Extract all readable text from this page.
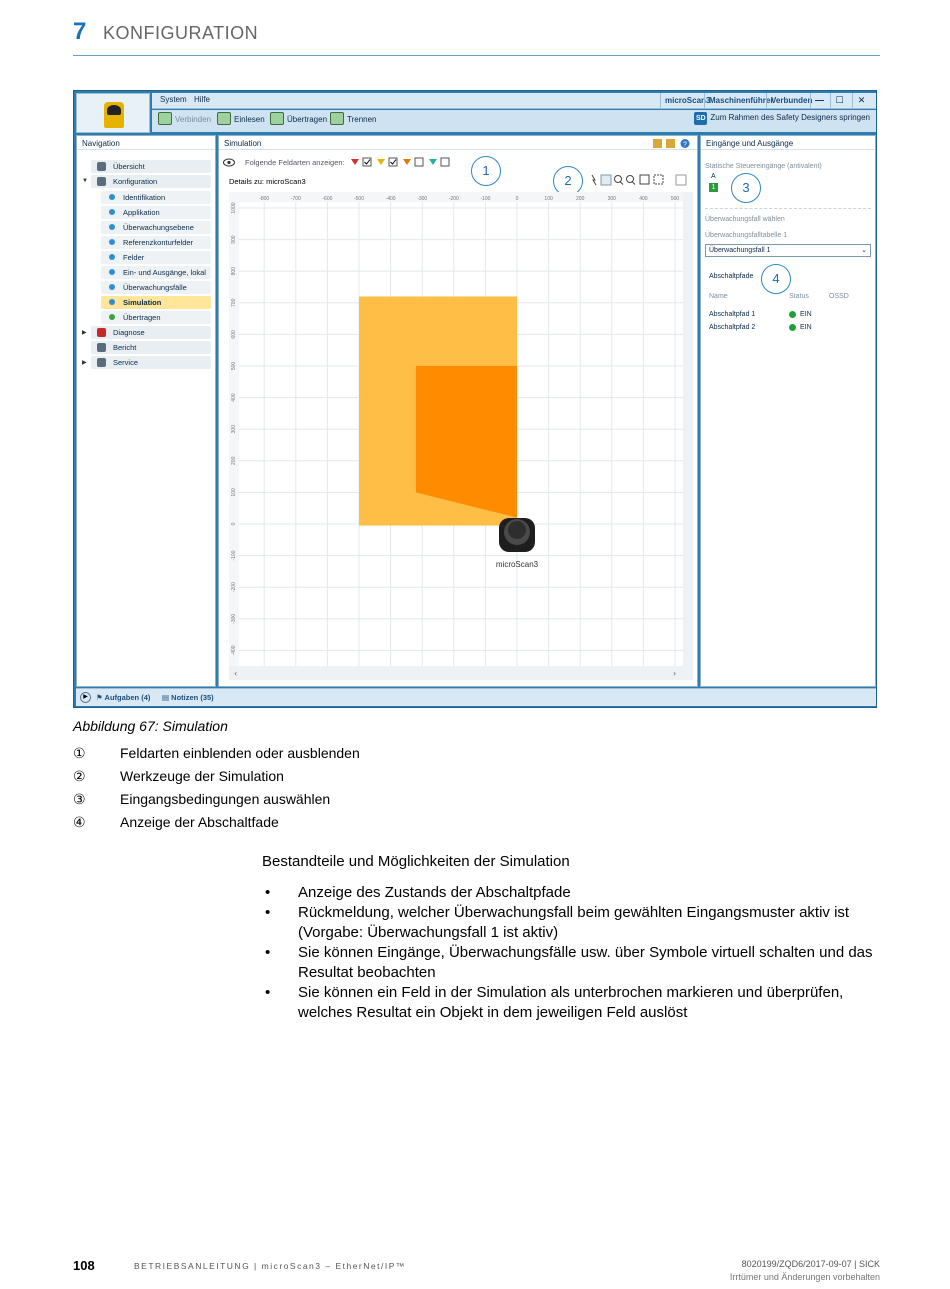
7 KONFIGURATION
System Hilfe	microScan3
Maschinenführer
Verbunden —	☐	✕
Verbinden	Einlesen	Übertragen	Trennen	SD Zum Rahmen des Safety Designers springen
Navigation
Übersicht
▼	Konfiguration
Identifikation
Applikation
Überwachungsebene
Referenzkonturfelder
Felder
Ein- und Ausgänge, lokal
Überwachungsfälle
Simulation
Übertragen
▶	Diagnose
Bericht
▶	Service
Simulation	?
Folgende Feldarten anzeigen:
1
Details zu: microScan3	2
-800	-700	-600	-500	-400	-300	-200	-100	0	100	200	300	400	500
1000
900
800
700
600
500
400
300
200
100
0
-100
-200
-300
-400
microScan3
‹	›
Eingänge und Ausgänge
Statische Steuereingänge (antivalent)
A
1	3
Überwachungsfall wählen
Überwachungsfalltabelle 1
Überwachungsfall 1	⌄
Abschaltpfade	4
Name	Status	OSSD
Abschaltpfad 1	EIN
Abschaltpfad 2	EIN
▶	⚑ Aufgaben (4) ▤ Notizen (35)
Abbildung 67: Simulation
① Feldarten einblenden oder ausblenden
② Werkzeuge der Simulation
③ Eingangsbedingungen auswählen
④ Anzeige der Abschaltfade
Bestandteile und Möglichkeiten der Simulation
• Anzeige des Zustands der Abschaltpfade
• Rückmeldung, welcher Überwachungsfall beim gewählten Eingangsmuster aktiv ist (Vorgabe: Überwachungsfall 1 ist aktiv)
• Sie können Eingänge, Überwachungsfälle usw. über Symbole virtuell schalten und das Resultat beobachten
• Sie können ein Feld in der Simulation als unterbrochen markieren und überprüfen, welches Resultat ein Objekt in dem jeweiligen Feld auslöst
108	BETRIEBSANLEITUNG | microScan3 – EtherNet/IP™	8020199/ZQD6/2017-09-07 | SICK
Irrtümer und Änderungen vorbehalten
